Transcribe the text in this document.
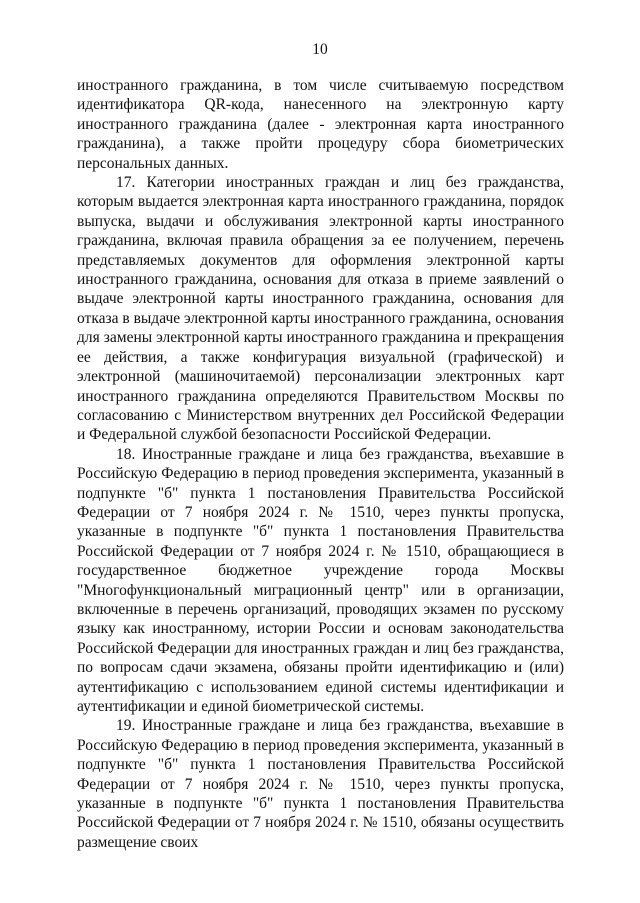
10

иностранного гражданина, в том числе считываемую посредством идентификатора QR-кода, нанесенного на электронную карту иностранного гражданина (далее - электронная карта иностранного гражданина), а также пройти процедуру сбора биометрических персональных данных.

17. Категории иностранных граждан и лиц без гражданства, которым выдается электронная карта иностранного гражданина, порядок выпуска, выдачи и обслуживания электронной карты иностранного гражданина, включая правила обращения за ее получением, перечень представляемых документов для оформления электронной карты иностранного гражданина, основания для отказа в приеме заявлений о выдаче электронной карты иностранного гражданина, основания для отказа в выдаче электронной карты иностранного гражданина, основания для замены электронной карты иностранного гражданина и прекращения ее действия, а также конфигурация визуальной (графической) и электронной (машиночитаемой) персонализации электронных карт иностранного гражданина определяются Правительством Москвы по согласованию с Министерством внутренних дел Российской Федерации и Федеральной службой безопасности Российской Федерации.

18. Иностранные граждане и лица без гражданства, въехавшие в Российскую Федерацию в период проведения эксперимента, указанный в подпункте "б" пункта 1 постановления Правительства Российской Федерации от 7 ноября 2024 г. № 1510, через пункты пропуска, указанные в подпункте "б" пункта 1 постановления Правительства Российской Федерации от 7 ноября 2024 г. № 1510, обращающиеся в государственное бюджетное учреждение города Москвы "Многофункциональный миграционный центр" или в организации, включенные в перечень организаций, проводящих экзамен по русскому языку как иностранному, истории России и основам законодательства Российской Федерации для иностранных граждан и лиц без гражданства, по вопросам сдачи экзамена, обязаны пройти идентификацию и (или) аутентификацию с использованием единой системы идентификации и аутентификации и единой биометрической системы.

19. Иностранные граждане и лица без гражданства, въехавшие в Российскую Федерацию в период проведения эксперимента, указанный в подпункте "б" пункта 1 постановления Правительства Российской Федерации от 7 ноября 2024 г. № 1510, через пункты пропуска, указанные в подпункте "б" пункта 1 постановления Правительства Российской Федерации от 7 ноября 2024 г. № 1510, обязаны осуществить размещение своих
